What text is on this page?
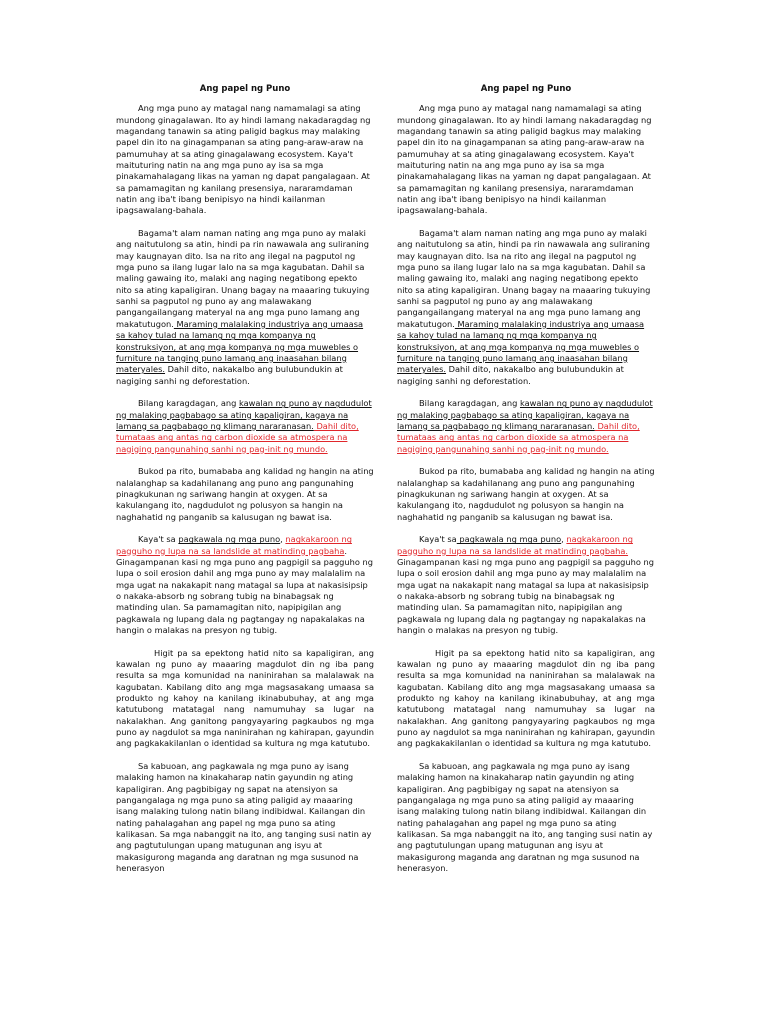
Ang papel ng Puno

Ang mga puno ay matagal nang namamalagi sa ating mundong ginagalawan. Ito ay hindi lamang nakadaragdag ng magandang tanawin sa ating paligid bagkus may malaking papel din ito na ginagampanan sa ating pang-araw-araw na pamumuhay at sa ating ginagalawang ecosystem. Kaya't maituturing natin na ang mga puno ay isa sa mga pinakamahalagang likas na yaman ng dapat pangalagaan. At sa pamamagitan ng kanilang presensiya, nararamdaman natin ang iba't ibang benipisyo na hindi kailanman ipagsawalang-bahala.

Bagama't alam naman nating ang mga puno ay malaki ang naitutulong sa atin, hindi pa rin nawawala ang suliraning may kaugnayan dito. Isa na rito ang ilegal na pagputol ng mga puno sa ilang lugar lalo na sa mga kagubatan. Dahil sa maling gawaing ito, malaki ang naging negatibong epekto nito sa ating kapaligiran. Unang bagay na maaaring tukuying sanhi sa pagputol ng puno ay ang malawakang pangangailangang materyal na ang mga puno lamang ang makatutugon. Maraming malalaking industriya ang umaasa sa kahoy tulad na lamang ng mga kompanya ng konstruksiyon, at ang mga kompanya ng mga muwebles o furniture na tanging puno lamang ang inaasahan bilang materyales. Dahil dito, nakakalbo ang bulubundukin at nagiging sanhi ng deforestation.

Bilang karagdagan, ang kawalan ng puno ay nagdudulot ng malaking pagbabago sa ating kapaligiran, kagaya na lamang sa pagbabago ng klimang nararanasan. Dahil dito, tumataas ang antas ng carbon dioxide sa atmospera na nagiging pangunahing sanhi ng pag-init ng mundo.

Bukod pa rito, bumababa ang kalidad ng hangin na ating nalalanghap sa kadahilanang ang puno ang pangunahing pinagkukunan ng sariwang hangin at oxygen. At sa kakulangang ito, nagdudulot ng polusyon sa hangin na naghahatid ng panganib sa kalusugan ng bawat isa.

Kaya't sa pagkawala ng mga puno, nagkakaroon ng pagguho ng lupa na sa landslide at matinding pagbaha. Ginagampanan kasi ng mga puno ang pagpigil sa pagguho ng lupa o soil erosion dahil ang mga puno ay may malalalim na mga ugat na nakakapit nang matagal sa lupa at nakasisipsip o nakaka-absorb ng sobrang tubig na binabagsak ng matinding ulan. Sa pamamagitan nito, napipigilan ang pagkawala ng lupang dala ng pagtangay ng napakalakas na hangin o malakas na presyon ng tubig.

Higit pa sa epektong hatid nito sa kapaligiran, ang kawalan ng puno ay maaaring magdulot din ng iba pang resulta sa mga komunidad na naninirahan sa malalawak na kagubatan. Kabilang dito ang mga magsasakang umaasa sa produkto ng kahoy na kanilang ikinabubuhay, at ang mga katutubong matatagal nang namumuhay sa lugar na nakalakhan. Ang ganitong pangyayaring pagkaubos ng mga puno ay nagdulot sa mga naninirahan ng kahirapan, gayundin ang pagkakakilanlan o identidad sa kultura ng mga katutubo.

Sa kabuoan, ang pagkawala ng mga puno ay isang malaking hamon na kinakaharap natin gayundin ng ating kapaligiran. Ang pagbibigay ng sapat na atensiyon sa pangangalaga ng mga puno sa ating paligid ay maaaring isang malaking tulong natin bilang indibidwal. Kailangan din nating pahalagahan ang papel ng mga puno sa ating kalikasan. Sa mga nabanggit na ito, ang tanging susi natin ay ang pagtutulungan upang matugunan ang isyu at makasigurong maganda ang daratnan ng mga susunod na henerasyon

Ang papel ng Puno

Ang mga puno ay matagal nang namamalagi sa ating mundong ginagalawan. Ito ay hindi lamang nakadaragdag ng magandang tanawin sa ating paligid bagkus may malaking papel din ito na ginagampanan sa ating pang-araw-araw na pamumuhay at sa ating ginagalawang ecosystem. Kaya't maituturing natin na ang mga puno ay isa sa mga pinakamahalagang likas na yaman ng dapat pangalagaan. At sa pamamagitan ng kanilang presensiya, nararamdaman natin ang iba't ibang benipisyo na hindi kailanman ipagsawalang-bahala.

Bagama't alam naman nating ang mga puno ay malaki ang naitutulong sa atin, hindi pa rin nawawala ang suliraning may kaugnayan dito. Isa na rito ang ilegal na pagputol ng mga puno sa ilang lugar lalo na sa mga kagubatan. Dahil sa maling gawaing ito, malaki ang naging negatibong epekto nito sa ating kapaligiran. Unang bagay na maaaring tukuying sanhi sa pagputol ng puno ay ang malawakang pangangailangang materyal na ang mga puno lamang ang makatutugon. Maraming malalaking industriya ang umaasa sa kahoy tulad na lamang ng mga kompanya ng konstruksiyon, at ang mga kompanya ng mga muwebles o furniture na tanging puno lamang ang inaasahan bilang materyales. Dahil dito, nakakalbo ang bulubundukin at nagiging sanhi ng deforestation.

Bilang karagdagan, ang kawalan ng puno ay nagdudulot ng malaking pagbabago sa ating kapaligiran, kagaya na lamang sa pagbabago ng klimang nararanasan. Dahil dito, tumataas ang antas ng carbon dioxide sa atmospera na nagiging pangunahing sanhi ng pag-init ng mundo.

Bukod pa rito, bumababa ang kalidad ng hangin na ating nalalanghap sa kadahilanang ang puno ang pangunahing pinagkukunan ng sariwang hangin at oxygen. At sa kakulangang ito, nagdudulot ng polusyon sa hangin na naghahatid ng panganib sa kalusugan ng bawat isa.

Kaya't sa pagkawala ng mga puno, nagkakaroon ng pagguho ng lupa na sa landslide at matinding pagbaha. Ginagampanan kasi ng mga puno ang pagpigil sa pagguho ng lupa o soil erosion dahil ang mga puno ay may malalalim na mga ugat na nakakapit nang matagal sa lupa at nakasisipsip o nakaka-absorb ng sobrang tubig na binabagsak ng matinding ulan. Sa pamamagitan nito, napipigilan ang pagkawala ng lupang dala ng pagtangay ng napakalakas na hangin o malakas na presyon ng tubig.

Higit pa sa epektong hatid nito sa kapaligiran, ang kawalan ng puno ay maaaring magdulot din ng iba pang resulta sa mga komunidad na naninirahan sa malalawak na kagubatan. Kabilang dito ang mga magsasakang umaasa sa produkto ng kahoy na kanilang ikinabubuhay, at ang mga katutubong matatagal nang namumuhay sa lugar na nakalakhan. Ang ganitong pangyayaring pagkaubos ng mga puno ay nagdulot sa mga naninirahan ng kahirapan, gayundin ang pagkakakilanlan o identidad sa kultura ng mga katutubo.

Sa kabuoan, ang pagkawala ng mga puno ay isang malaking hamon na kinakaharap natin gayundin ng ating kapaligiran. Ang pagbibigay ng sapat na atensiyon sa pangangalaga ng mga puno sa ating paligid ay maaaring isang malaking tulong natin bilang indibidwal. Kailangan din nating pahalagahan ang papel ng mga puno sa ating kalikasan. Sa mga nabanggit na ito, ang tanging susi natin ay ang pagtutulungan upang matugunan ang isyu at makasigurong maganda ang daratnan ng mga susunod na henerasyon.
